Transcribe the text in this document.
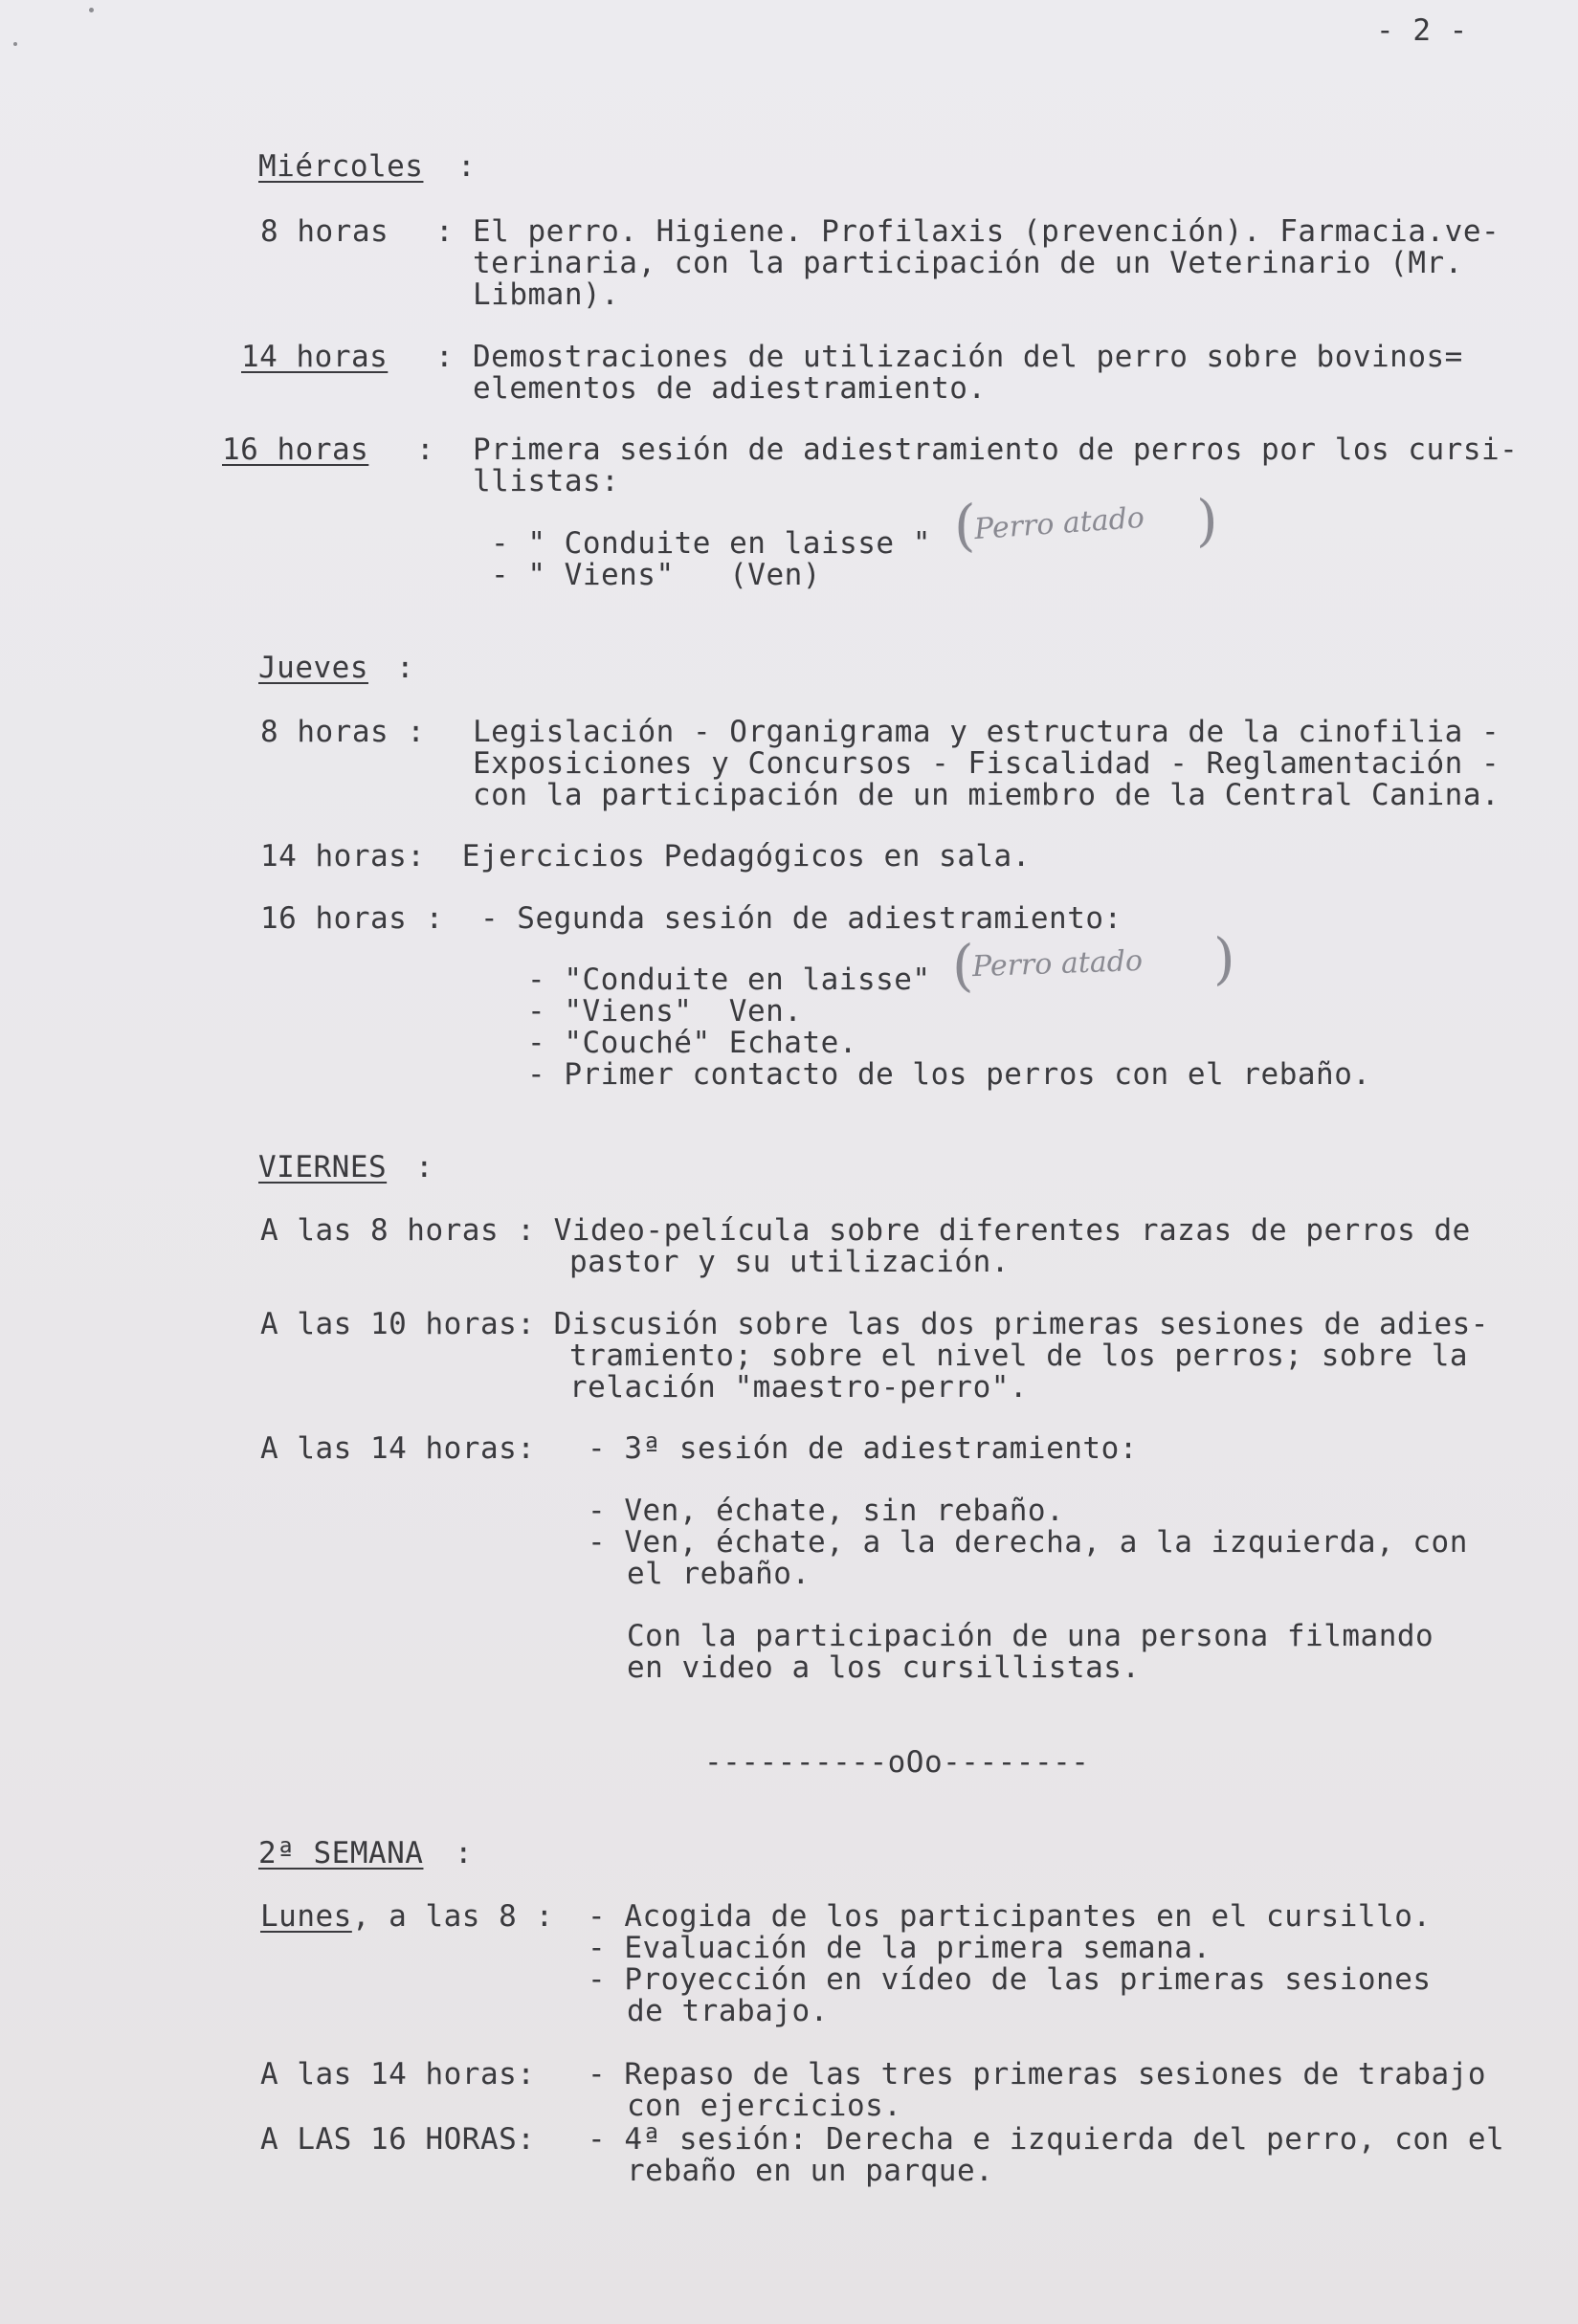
- 2 -
Miércoles :
8 horas : El perro. Higiene. Profilaxis (prevención). Farmacia.ve-
terinaria, con la participación de un Veterinario (Mr.
Libman).
14 horas : Demostraciones de utilización del perro sobre bovinos=
elementos de adiestramiento.
16 horas : Primera sesión de adiestramiento de perros por los cursi-
llistas:
- " Conduite en laisse " (
Perro atado )
- " Viens"   (Ven)
Jueves :
8 horas : Legislación - Organigrama y estructura de la cinofilia -
Exposiciones y Concursos - Fiscalidad - Reglamentación -
con la participación de un miembro de la Central Canina.
14 horas:  Ejercicios Pedagógicos en sala.
16 horas :  - Segunda sesión de adiestramiento:
- "Conduite en laisse" (
Perro atado )
- "Viens"  Ven.
- "Couché" Echate.
- Primer contacto de los perros con el rebaño.
VIERNES :
A las 8 horas : Video-película sobre diferentes razas de perros de
pastor y su utilización.
A las 10 horas: Discusión sobre las dos primeras sesiones de adies-
tramiento; sobre el nivel de los perros; sobre la
relación "maestro-perro".
A las 14 horas: - 3ª sesión de adiestramiento:
- Ven, échate, sin rebaño.
- Ven, échate, a la derecha, a la izquierda, con
el rebaño.
Con la participación de una persona filmando
en video a los cursillistas.
----------oOo--------
2ª SEMANA :
Lunes, a las 8 : - Acogida de los participantes en el cursillo.
- Evaluación de la primera semana.
- Proyección en vídeo de las primeras sesiones
de trabajo.
A las 14 horas: - Repaso de las tres primeras sesiones de trabajo
con ejercicios.
A LAS 16 HORAS: - 4ª sesión: Derecha e izquierda del perro, con el
rebaño en un parque.
